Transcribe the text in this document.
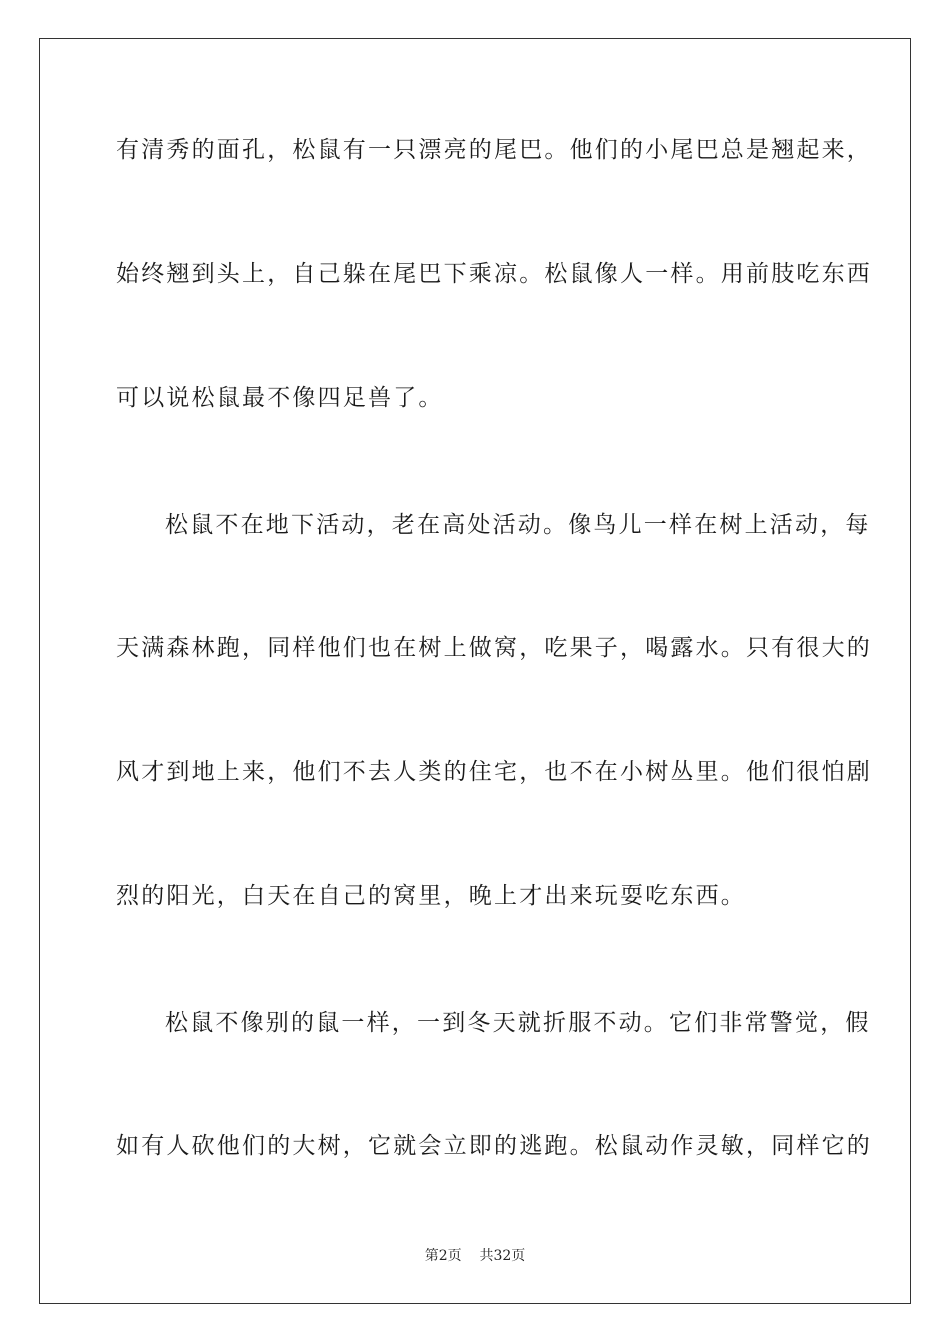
有清秀的面孔，松鼠有一只漂亮的尾巴。他们的小尾巴总是翘起来，
始终翘到头上，自己躲在尾巴下乘凉。松鼠像人一样。用前肢吃东西
可以说松鼠最不像四足兽了。
松鼠不在地下活动，老在高处活动。像鸟儿一样在树上活动，每
天满森林跑，同样他们也在树上做窝，吃果子，喝露水。只有很大的
风才到地上来，他们不去人类的住宅，也不在小树丛里。他们很怕剧
烈的阳光，白天在自己的窝里，晚上才出来玩耍吃东西。
松鼠不像别的鼠一样，一到冬天就折服不动。它们非常警觉，假
如有人砍他们的大树，它就会立即的逃跑。松鼠动作灵敏，同样它的
第2页 共32页
